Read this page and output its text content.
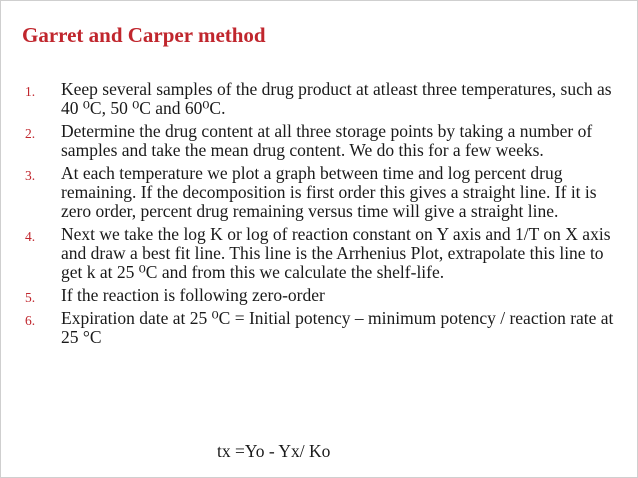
Garret and Carper method
1. Keep several samples of the drug product at atleast three temperatures, such as 40 ⁰C, 50 ⁰C and 60⁰C.
2. Determine the drug content at all three storage points by taking a number of samples and take the mean drug content. We do this for a few weeks.
3. At each temperature we plot a graph between time and log percent drug remaining. If the decomposition is first order this gives a straight line. If it is zero order, percent drug remaining versus time will give a straight line.
4. Next we take the log K or log of reaction constant on Y axis and 1/T on X axis and draw a best fit line. This line is the Arrhenius Plot, extrapolate this line to get k at 25 ⁰C and from this we calculate the shelf-life.
5. If the reaction is following zero-order
6. Expiration date at 25 ⁰C = Initial potency – minimum potency / reaction rate at 25 °C
tx =Yo - Yx/ Ko
